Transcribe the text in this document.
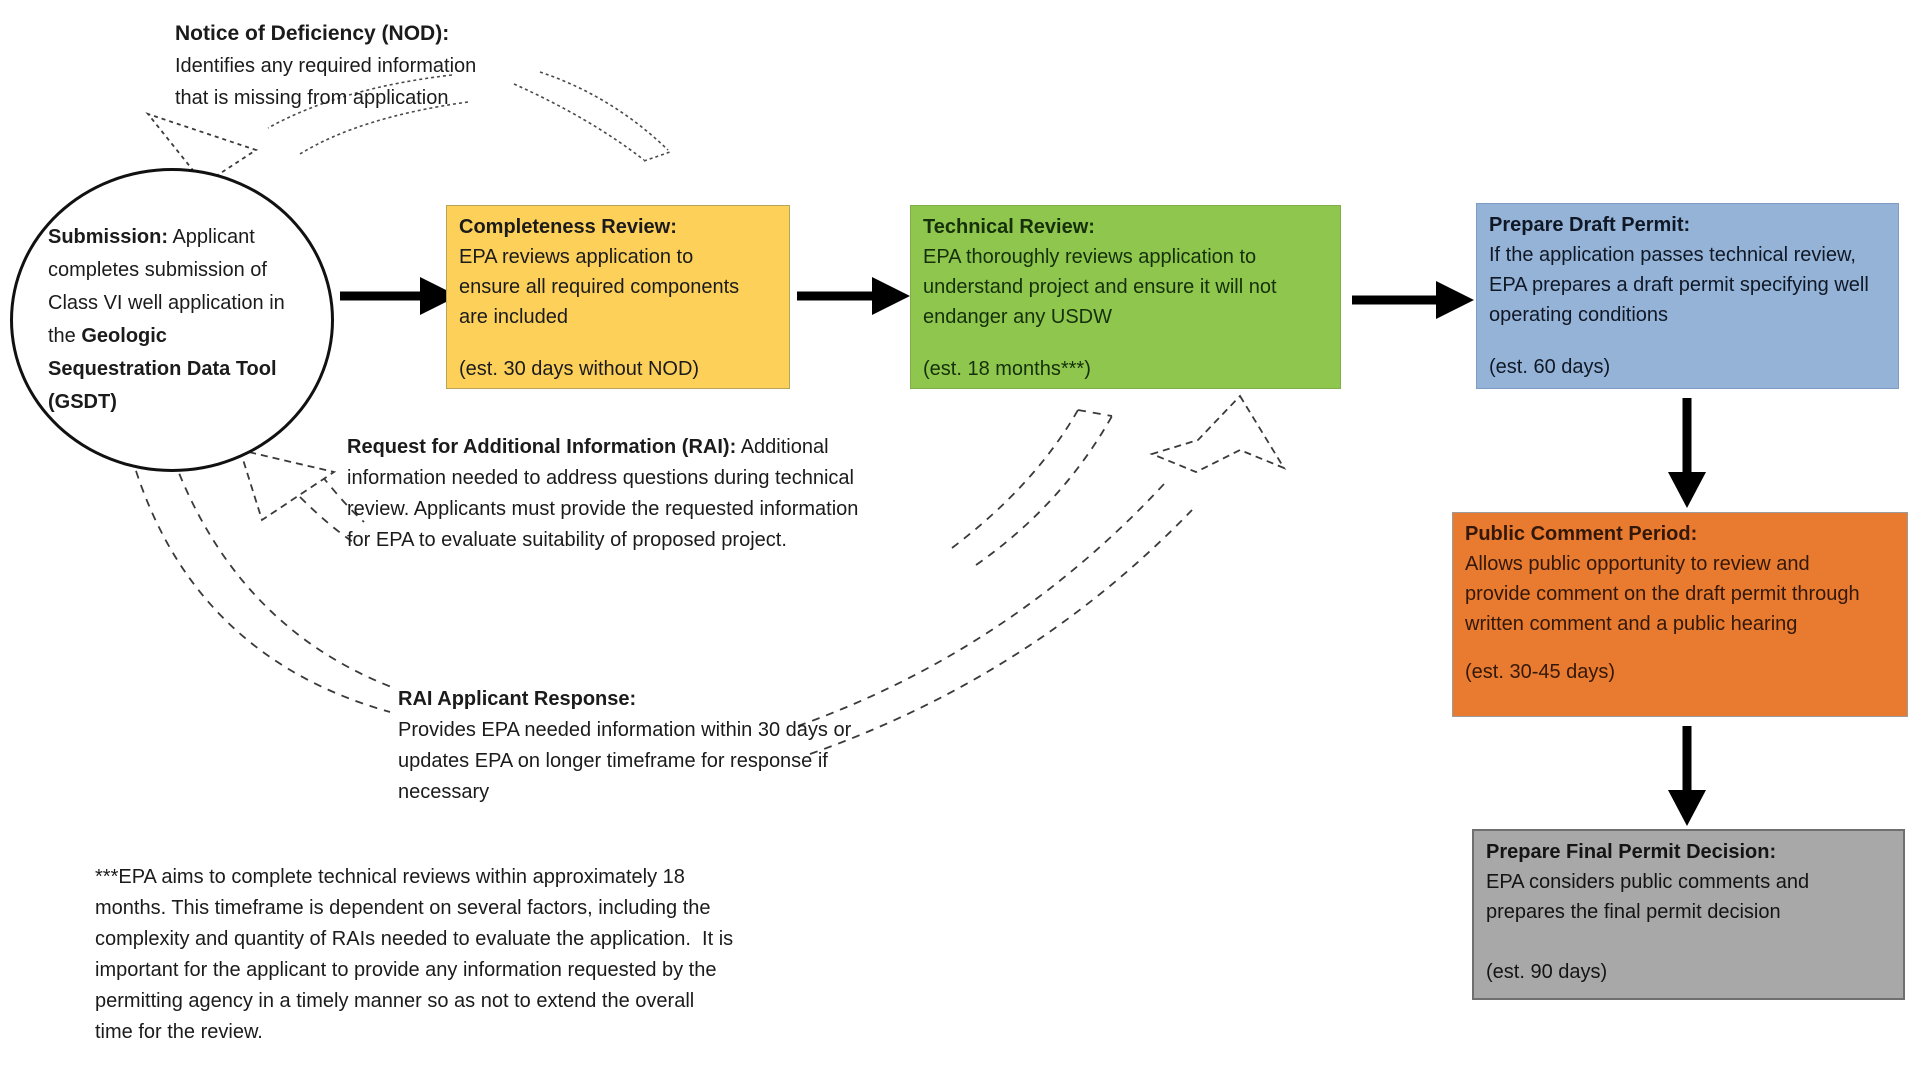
Submission: Applicant completes submission of Class VI well application in the Geologic Sequestration Data Tool (GSDT)
Notice of Deficiency (NOD):
Identifies any required information that is missing from application
Completeness Review:
EPA reviews application to ensure all required components are included
(est. 30 days without NOD)
Technical Review:
EPA thoroughly reviews application to understand project and ensure it will not endanger any USDW
(est. 18 months***)
Prepare Draft Permit:
If the application passes technical review, EPA prepares a draft permit specifying well operating conditions
(est. 60 days)
Public Comment Period:
Allows public opportunity to review and provide comment on the draft permit through written comment and a public hearing
(est. 30-45 days)
Prepare Final Permit Decision:
EPA considers public comments and prepares the final permit decision
(est. 90 days)
Request for Additional Information (RAI): Additional information needed to address questions during technical review. Applicants must provide the requested information for EPA to evaluate suitability of proposed project.
RAI Applicant Response:
Provides EPA needed information within 30 days or updates EPA on longer timeframe for response if necessary
***EPA aims to complete technical reviews within approximately 18 months. This timeframe is dependent on several factors, including the complexity and quantity of RAIs needed to evaluate the application.  It is important for the applicant to provide any information requested by the permitting agency in a timely manner so as not to extend the overall time for the review.
